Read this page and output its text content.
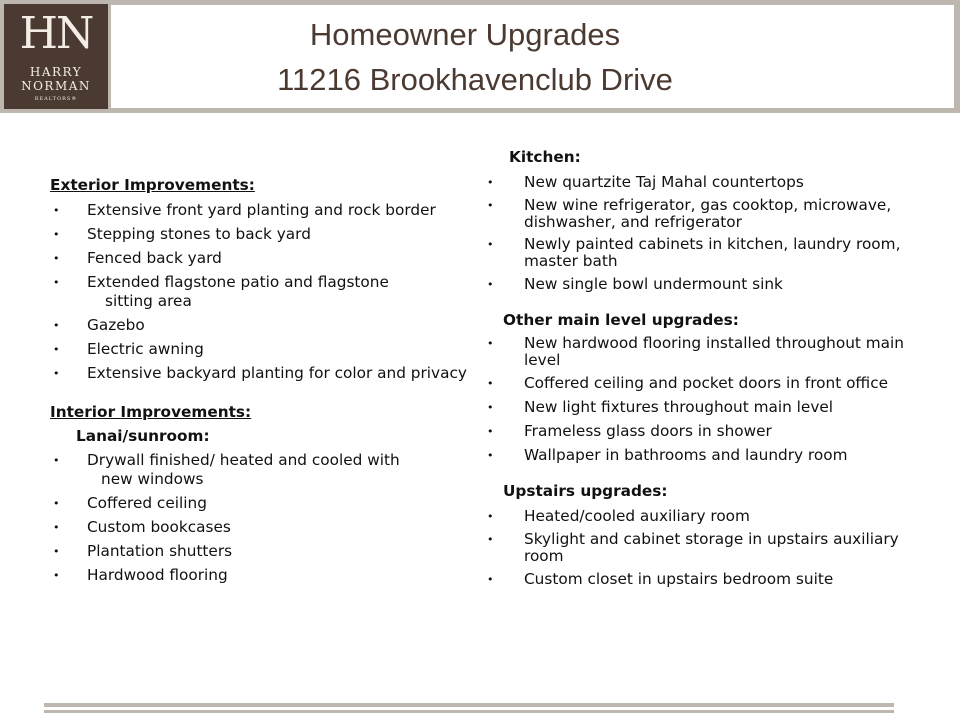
HN
HARRY
NORMAN
REALTORS®
Homeowner Upgrades
11216 Brookhavenclub Drive

Exterior Improvements:

• Extensive front yard planting and rock border
• Stepping stones to back yard
• Fenced back yard
• Extended flagstone patio and flagstone
sitting area
• Gazebo
• Electric awning
• Extensive backyard planting for color and privacy

Interior Improvements:

Lanai/sunroom:

• Drywall finished/ heated and cooled with
new windows
• Coffered ceiling
• Custom bookcases
• Plantation shutters
• Hardwood flooring

Kitchen:

• New quartzite Taj Mahal countertops
• New wine refrigerator, gas cooktop, microwave, dishwasher, and refrigerator
• Newly painted cabinets in kitchen, laundry room, master bath
• New single bowl undermount sink

Other main level upgrades:

• New hardwood flooring installed throughout main level
• Coffered ceiling and pocket doors in front office
• New light fixtures throughout main level
• Frameless glass doors in shower
• Wallpaper in bathrooms and laundry room

Upstairs upgrades:

• Heated/cooled auxiliary room
• Skylight and cabinet storage in upstairs auxiliary room
• Custom closet in upstairs bedroom suite
